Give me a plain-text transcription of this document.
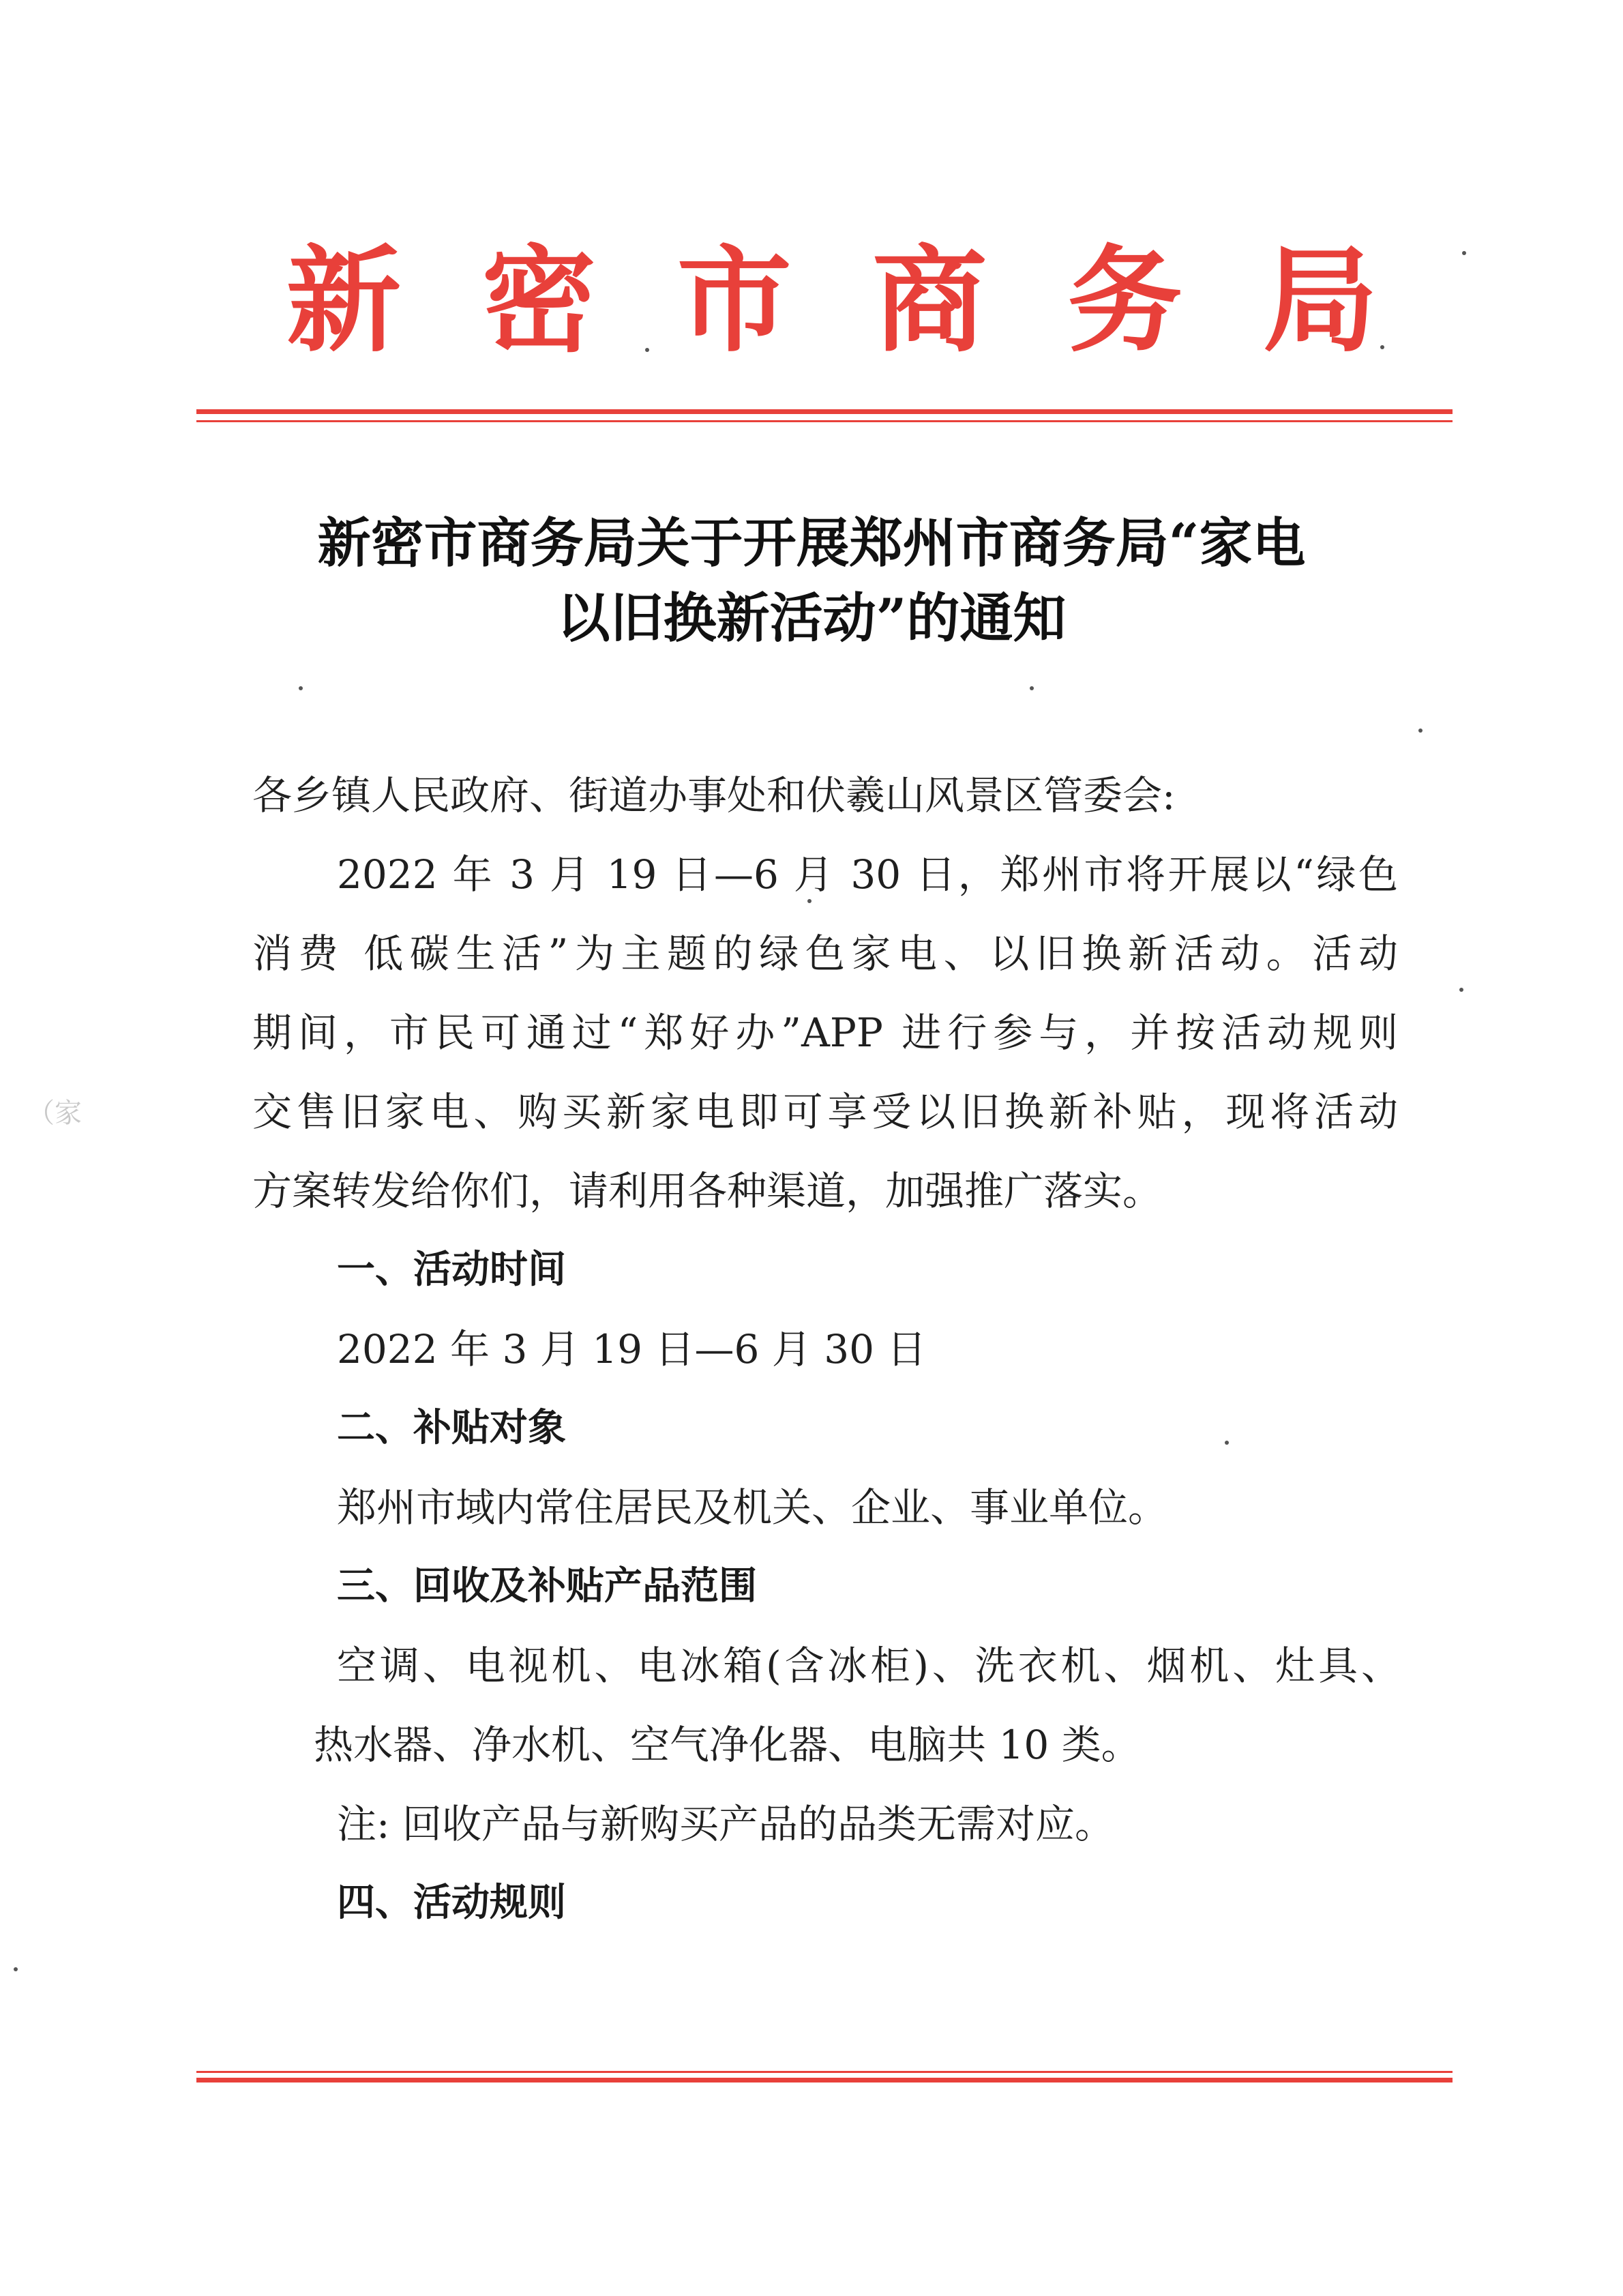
新 密 市 商 务 局
新密市商务局关于开展郑州市商务局“家电
以旧换新活动”的通知
各乡镇人民政府、街道办事处和伏羲山风景区管委会:
2022 年 3 月 19 日—6 月 30 日，郑州市将开展以“绿色
消费 低碳生活”为主题的绿色家电、以旧换新活动。活动
期间，市民可通过“郑好办”APP 进行参与，并按活动规则
交售旧家电、购买新家电即可享受以旧换新补贴，现将活动
方案转发给你们，请利用各种渠道，加强推广落实。
一、活动时间
2022 年 3 月 19 日—6 月 30 日
二、补贴对象
郑州市域内常住居民及机关、企业、事业单位。
三、回收及补贴产品范围
空调、电视机、电冰箱(含冰柜)、洗衣机、烟机、灶具、
热水器、净水机、空气净化器、电脑共 10 类。
注: 回收产品与新购买产品的品类无需对应。
四、活动规则
（家
